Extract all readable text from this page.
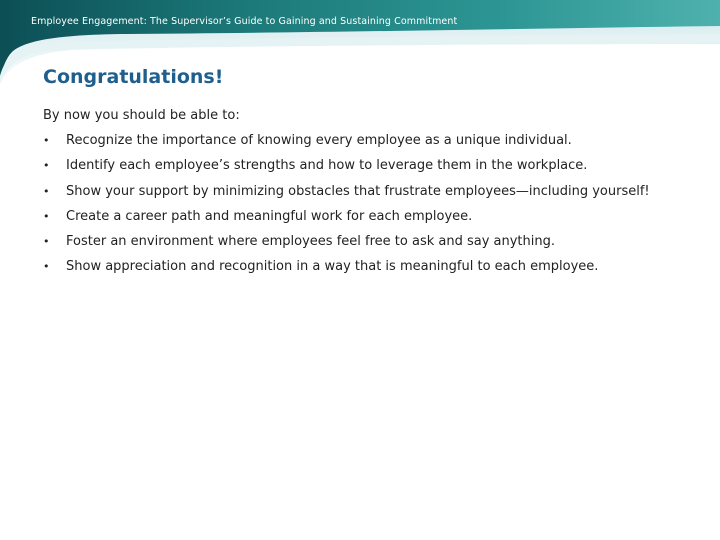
Employee Engagement: The Supervisor’s Guide to Gaining and Sustaining Commitment
Congratulations!
By now you should be able to:
• Recognize the importance of knowing every employee as a unique individual.
• Identify each employee’s strengths and how to leverage them in the workplace.
• Show your support by minimizing obstacles that frustrate employees—including yourself!
• Create a career path and meaningful work for each employee.
• Foster an environment where employees feel free to ask and say anything.
• Show appreciation and recognition in a way that is meaningful to each employee.
